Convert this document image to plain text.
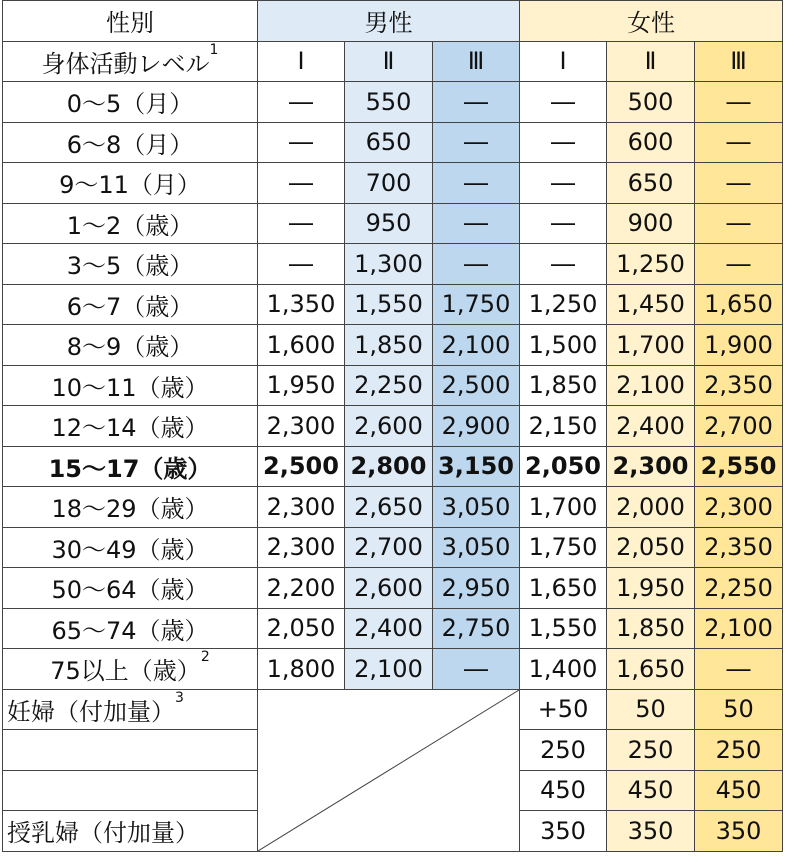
性別	男性			女性		
身体活動レベル$^1$	Ⅰ	Ⅱ	Ⅲ	Ⅰ	Ⅱ	Ⅲ
0～5（月）	―	550	―	―	500	―
6～8（月）	―	650	―	―	600	―
9～11（月）	―	700	―	―	650	―
1～2（歳）	―	950	―	―	900	―
3～5（歳）	―	1,300	―	―	1,250	―
6～7（歳）	1,350	1,550	1,750	1,250	1,450	1,650
8～9（歳）	1,600	1,850	2,100	1,500	1,700	1,900
10～11（歳）	1,950	2,250	2,500	1,850	2,100	2,350
12～14（歳）	2,300	2,600	2,900	2,150	2,400	2,700
15～17（歳）	2,500	2,800	3,150	2,050	2,300	2,550
18～29（歳）	2,300	2,650	3,050	1,700	2,000	2,300
30～49（歳）	2,300	2,700	3,050	1,750	2,050	2,350
50～64（歳）	2,200	2,600	2,950	1,650	1,950	2,250
65～74（歳）	2,050	2,400	2,750	1,550	1,850	2,100
75以上（歳）$^2$	1,800	2,100	―	1,400	1,650	―
妊婦（付加量）$^3$				+50	50	50
				250	250	250
				450	450	450
授乳婦（付加量）				350	350	350
